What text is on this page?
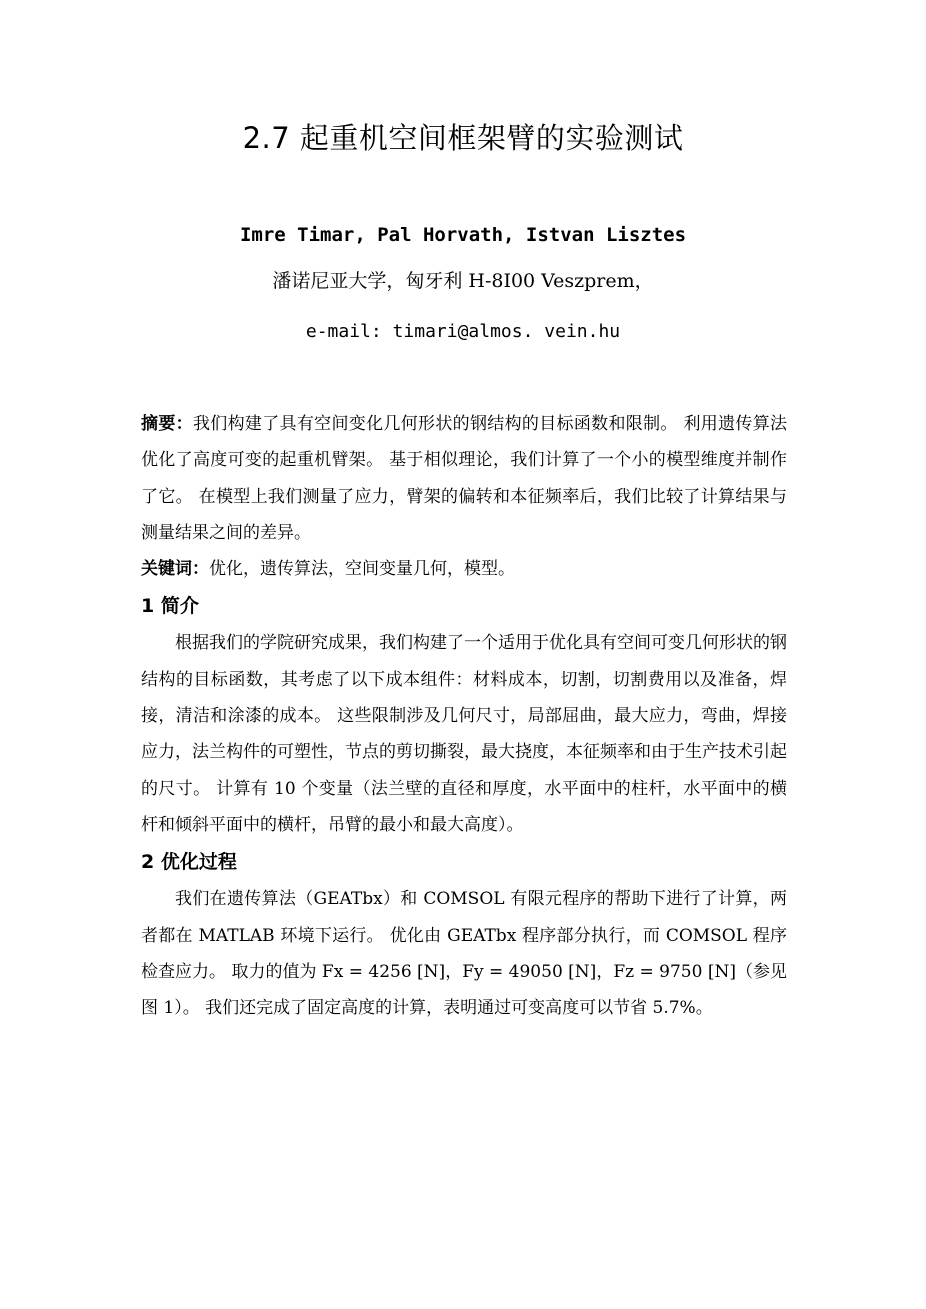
2.7 起重机空间框架臂的实验测试
Imre Timar, Pal Horvath, Istvan Lisztes
潘诺尼亚大学，匈牙利 H-8I00 Veszprem，
e-mail: timari@almos. vein.hu

摘要：我们构建了具有空间变化几何形状的钢结构的目标函数和限制。 利用遗传算法优化了高度可变的起重机臂架。 基于相似理论，我们计算了一个小的模型维度并制作了它。 在模型上我们测量了应力，臂架的偏转和本征频率后，我们比较了计算结果与测量结果之间的差异。

关键词：优化，遗传算法，空间变量几何，模型。

1 简介

根据我们的学院研究成果，我们构建了一个适用于优化具有空间可变几何形状的钢结构的目标函数，其考虑了以下成本组件：材料成本，切割，切割费用以及准备，焊接，清洁和涂漆的成本。 这些限制涉及几何尺寸，局部屈曲，最大应力，弯曲，焊接应力，法兰构件的可塑性，节点的剪切撕裂，最大挠度，本征频率和由于生产技术引起的尺寸。 计算有 10 个变量（法兰壁的直径和厚度，水平面中的柱杆，水平面中的横杆和倾斜平面中的横杆，吊臂的最小和最大高度）。

2 优化过程

我们在遗传算法（GEATbx）和 COMSOL 有限元程序的帮助下进行了计算，两者都在 MATLAB 环境下运行。 优化由 GEATbx 程序部分执行，而 COMSOL 程序检查应力。 取力的值为 Fx = 4256 [N]，Fy = 49050 [N]，Fz = 9750 [N]（参见图 1）。 我们还完成了固定高度的计算，表明通过可变高度可以节省 5.7%。
